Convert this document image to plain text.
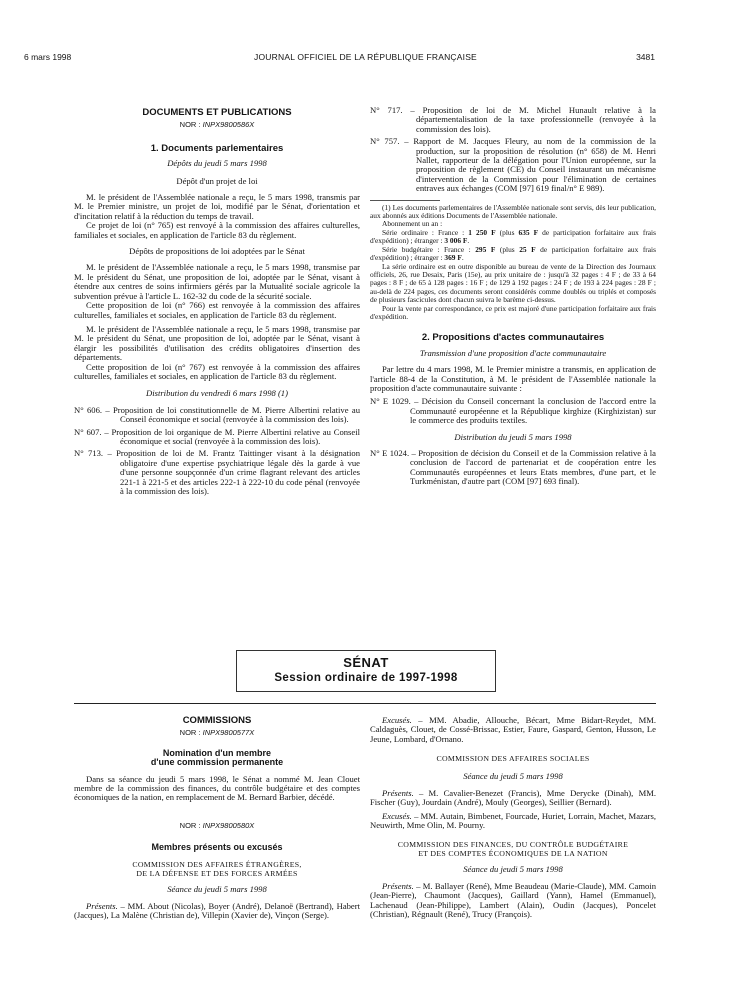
6 mars 1998	JOURNAL OFFICIEL DE LA RÉPUBLIQUE FRANÇAISE	3481
DOCUMENTS ET PUBLICATIONS
NOR : INPX9800586X
1. Documents parlementaires
Dépôts du jeudi 5 mars 1998
Dépôt d'un projet de loi

M. le président de l'Assemblée nationale a reçu, le 5 mars 1998, transmis par M. le Premier ministre, un projet de loi, modifié par le Sénat, d'orientation et d'incitation relatif à la réduction du temps de travail.

Ce projet de loi (n° 765) est renvoyé à la commission des affaires culturelles, familiales et sociales, en application de l'article 83 du règlement.

Dépôts de propositions de loi adoptées par le Sénat

M. le président de l'Assemblée nationale a reçu, le 5 mars 1998, transmise par M. le président du Sénat, une proposition de loi, adoptée par le Sénat, visant à étendre aux centres de soins infirmiers gérés par la Mutualité sociale agricole la subvention prévue à l'article L. 162-32 du code de la sécurité sociale.

Cette proposition de loi (n° 766) est renvoyée à la commission des affaires culturelles, familiales et sociales, en application de l'article 83 du règlement.

M. le président de l'Assemblée nationale a reçu, le 5 mars 1998, transmise par M. le président du Sénat, une proposition de loi, adoptée par le Sénat, visant à élargir les possibilités d'utilisation des crédits obligatoires d'insertion des départements.

Cette proposition de loi (n° 767) est renvoyée à la commission des affaires culturelles, familiales et sociales, en application de l'article 83 du règlement.

Distribution du vendredi 6 mars 1998 (1)

N° 606. – Proposition de loi constitutionnelle de M. Pierre Albertini relative au Conseil économique et social (renvoyée à la commission des lois).

N° 607. – Proposition de loi organique de M. Pierre Albertini relative au Conseil économique et social (renvoyée à la commission des lois).

N° 713. – Proposition de loi de M. Frantz Taittinger visant à la désignation obligatoire d'une expertise psychiatrique légale dès la garde à vue d'une personne soupçonnée d'un crime flagrant relevant des articles 221-1 à 221-5 et des articles 222-1 à 222-10 du code pénal (renvoyée à la commission des lois).

N° 717. – Proposition de loi de M. Michel Hunault relative à la départementalisation de la taxe professionnelle (renvoyée à la commission des lois).

N° 757. – Rapport de M. Jacques Fleury, au nom de la commission de la production, sur la proposition de résolution (n° 658) de M. Henri Nallet, rapporteur de la délégation pour l'Union européenne, sur la proposition de règlement (CE) du Conseil instaurant un mécanisme d'intervention de la Commission pour l'élimination de certaines entraves aux échanges (COM [97] 619 final/n° E 989).

(1) Les documents parlementaires de l'Assemblée nationale sont servis, dès leur publication, aux abonnés aux éditions Documents de l'Assemblée nationale.

Abonnement un an :

Série ordinaire : France : 1 250 F (plus 635 F de participation forfaitaire aux frais d'expédition) ; étranger : 3 006 F.

Série budgétaire : France : 295 F (plus 25 F de participation forfaitaire aux frais d'expédition) ; étranger : 369 F.

La série ordinaire est en outre disponible au bureau de vente de la Direction des Journaux officiels, 26, rue Desaix, Paris (15e), au prix unitaire de : jusqu'à 32 pages : 4 F ; de 33 à 64 pages : 8 F ; de 65 à 128 pages : 16 F ; de 129 à 192 pages : 24 F ; de 193 à 224 pages : 28 F ; au-delà de 224 pages, ces documents seront considérés comme doublés ou triplés et composés de plusieurs fascicules dont chacun suivra le barème ci-dessus.

Pour la vente par correspondance, ce prix est majoré d'une participation forfaitaire aux frais d'expédition.

2. Propositions d'actes communautaires
Transmission d'une proposition d'acte communautaire

Par lettre du 4 mars 1998, M. le Premier ministre a transmis, en application de l'article 88-4 de la Constitution, à M. le président de l'Assemblée nationale la proposition d'acte communautaire suivante :

N° E 1029. – Décision du Conseil concernant la conclusion de l'accord entre la Communauté européenne et la République kirghize (Kirghizistan) sur le commerce des produits textiles.

Distribution du jeudi 5 mars 1998

N° E 1024. – Proposition de décision du Conseil et de la Commission relative à la conclusion de l'accord de partenariat et de coopération entre les Communautés européennes et leurs Etats membres, d'une part, et le Turkménistan, d'autre part (COM [97] 693 final).

SÉNAT
Session ordinaire de 1997-1998
COMMISSIONS
NOR : INPX9800577X
Nomination d'un membre
d'une commission permanente

Dans sa séance du jeudi 5 mars 1998, le Sénat a nommé M. Jean Clouet membre de la commission des finances, du contrôle budgétaire et des comptes économiques de la nation, en remplacement de M. Bernard Barbier, décédé.

NOR : INPX9800580X
Membres présents ou excusés
COMMISSION DES AFFAIRES ÉTRANGÈRES,
DE LA DÉFENSE ET DES FORCES ARMÉES
Séance du jeudi 5 mars 1998

Présents. – MM. About (Nicolas), Boyer (André), Delanoë (Bertrand), Habert (Jacques), La Malène (Christian de), Villepin (Xavier de), Vinçon (Serge).

Excusés. – MM. Abadie, Allouche, Bécart, Mme Bidart-Reydet, MM. Caldaguès, Clouet, de Cossé-Brissac, Estier, Faure, Gaspard, Genton, Husson, Le Jeune, Lombard, d'Ornano.

COMMISSION DES AFFAIRES SOCIALES
Séance du jeudi 5 mars 1998

Présents. – M. Cavalier-Benezet (Francis), Mme Derycke (Dinah), MM. Fischer (Guy), Jourdain (André), Mouly (Georges), Seillier (Bernard).

Excusés. – MM. Autain, Bimbenet, Fourcade, Huriet, Lorrain, Machet, Mazars, Neuwirth, Mme Olin, M. Pourny.

COMMISSION DES FINANCES, DU CONTRÔLE BUDGÉTAIRE
ET DES COMPTES ÉCONOMIQUES DE LA NATION
Séance du jeudi 5 mars 1998

Présents. – M. Ballayer (René), Mme Beaudeau (Marie-Claude), MM. Camoin (Jean-Pierre), Chaumont (Jacques), Gaillard (Yann), Hamel (Emmanuel), Lachenaud (Jean-Philippe), Lambert (Alain), Oudin (Jacques), Poncelet (Christian), Régnault (René), Trucy (François).
